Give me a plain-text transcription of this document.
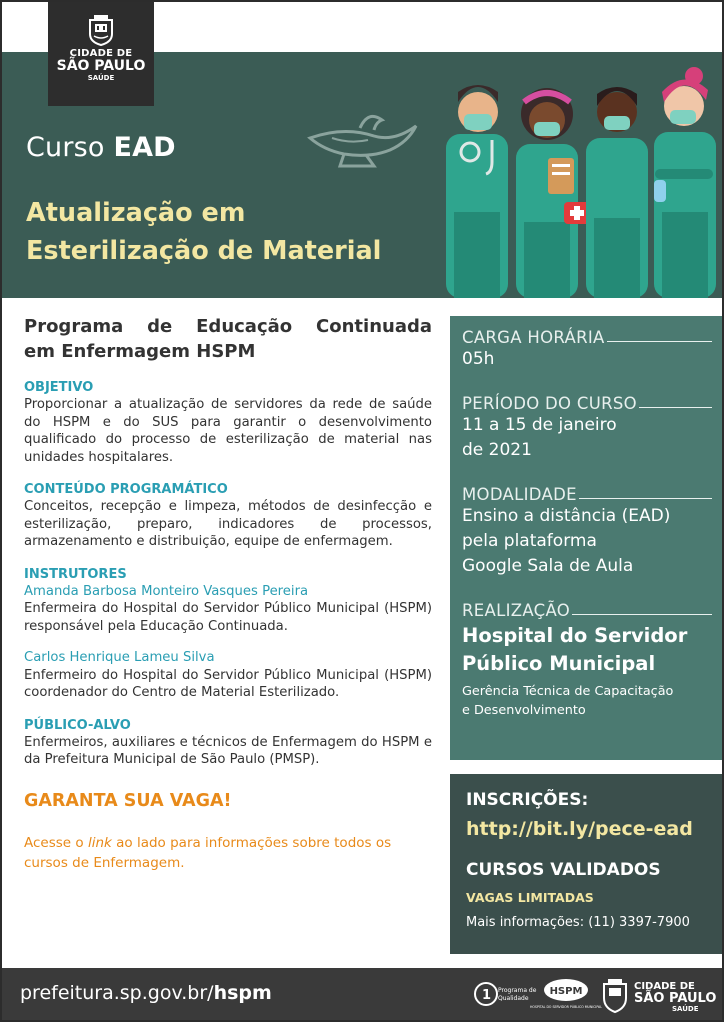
CIDADE DE
SÃO PAULO
SAÚDE
Curso EAD
Atualização em
Esterilização de Material
Programa de Educação Continuada
em Enfermagem HSPM
OBJETIVO
Proporcionar a atualização de servidores da rede de saúde do HSPM e do SUS para garantir o desenvolvimento qualificado do processo de esterilização de material nas unidades hospitalares.
CONTEÚDO PROGRAMÁTICO
Conceitos, recepção e limpeza, métodos de desinfecção e esterilização, preparo, indicadores de processos, armazenamento e distribuição, equipe de enfermagem.
INSTRUTORES
Amanda Barbosa Monteiro Vasques Pereira
Enfermeira do Hospital do Servidor Público Municipal (HSPM) responsável pela Educação Continuada.
Carlos Henrique Lameu Silva
Enfermeiro do Hospital do Servidor Público Municipal (HSPM) coordenador do Centro de Material Esterilizado.
PÚBLICO-ALVO
Enfermeiros, auxiliares e técnicos de Enfermagem do HSPM e da Prefeitura Municipal de São Paulo (PMSP).
GARANTA SUA VAGA!
Acesse o link ao lado para informações sobre todos os cursos de Enfermagem.
CARGA HORÁRIA
05h
PERÍODO DO CURSO
11 a 15 de janeiro
de 2021
MODALIDADE
Ensino a distância (EAD)
pela plataforma
Google Sala de Aula
REALIZAÇÃO
Hospital do Servidor
Público Municipal
Gerência Técnica de Capacitação
e Desenvolvimento
INSCRIÇÕES:
http://bit.ly/pece-ead
CURSOS VALIDADOS
VAGAS LIMITADAS
Mais informações: (11) 3397-7900
prefeitura.sp.gov.br/hspm	1 Programa de
Qualidade
HSPM
HOSPITAL DO SERVIDOR PÚBLICO MUNICIPAL
CIDADE DE
SÃO PAULO
SAÚDE
